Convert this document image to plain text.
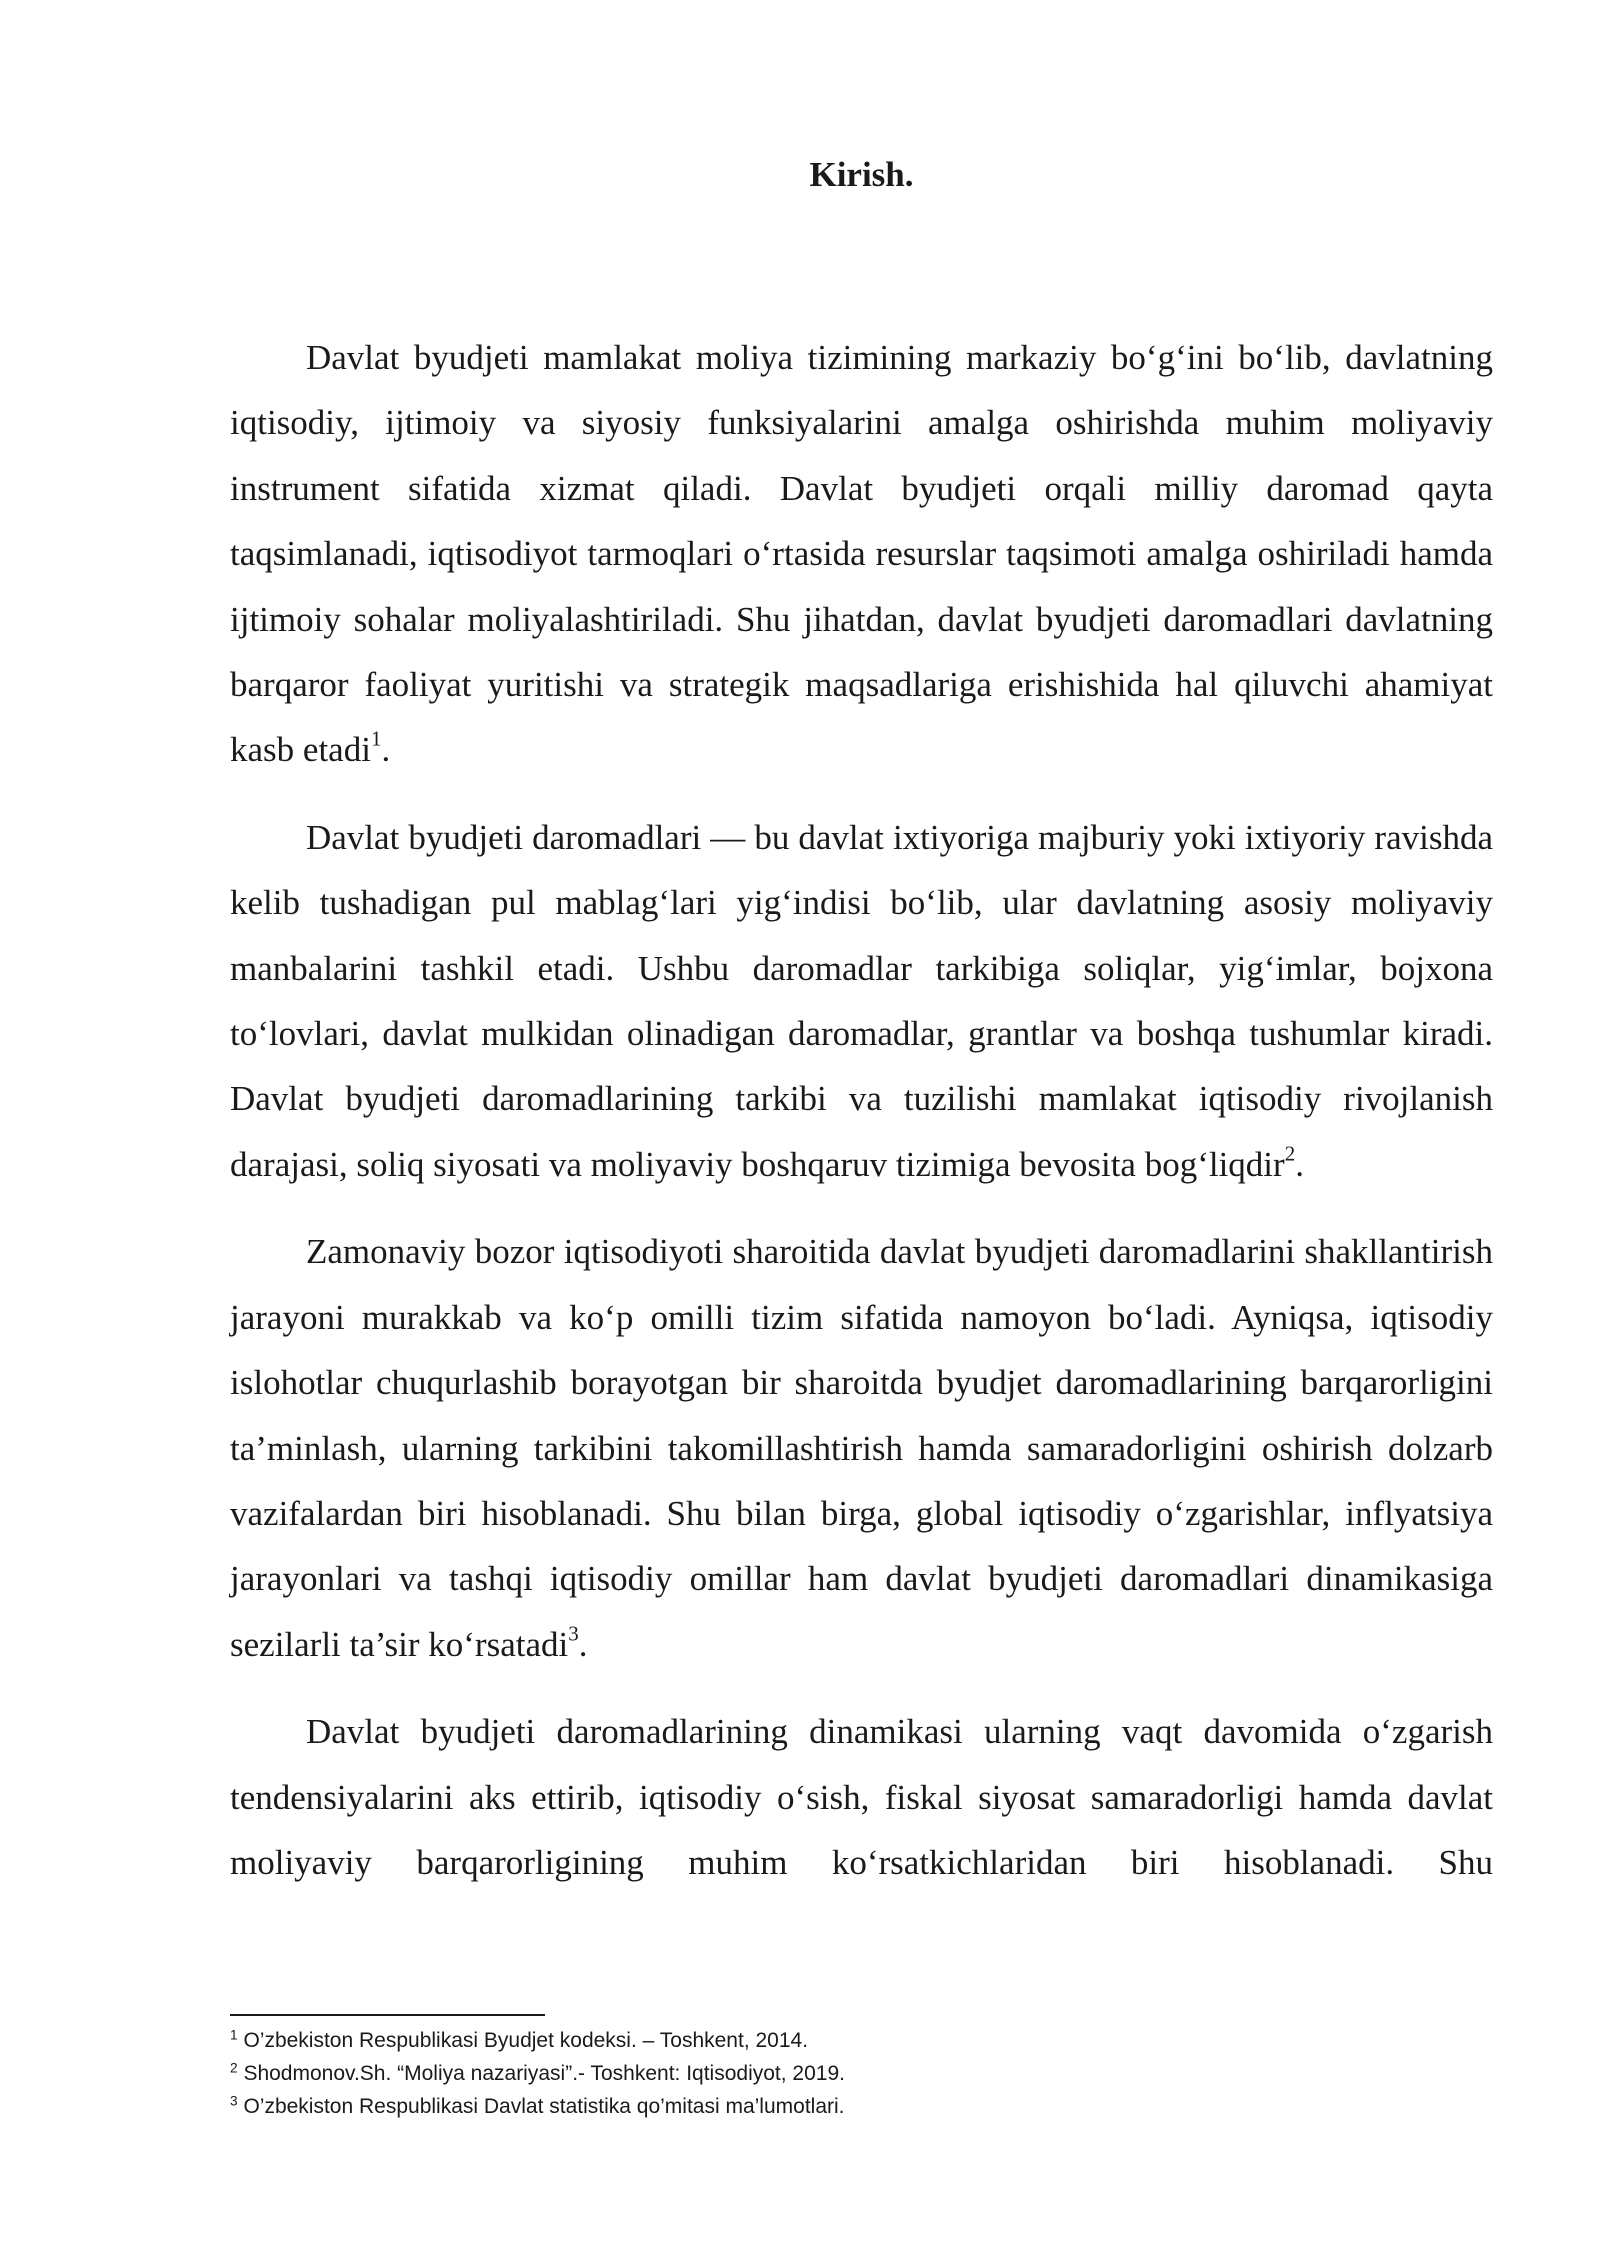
Kirish.

Davlat byudjeti mamlakat moliya tizimining markaziy bo‘g‘ini bo‘lib, davlatning iqtisodiy, ijtimoiy va siyosiy funksiyalarini amalga oshirishda muhim moliyaviy instrument sifatida xizmat qiladi. Davlat byudjeti orqali milliy daromad qayta taqsimlanadi, iqtisodiyot tarmoqlari o‘rtasida resurslar taqsimoti amalga oshiriladi hamda ijtimoiy sohalar moliyalashtiriladi. Shu jihatdan, davlat byudjeti daromadlari davlatning barqaror faoliyat yuritishi va strategik maqsadlariga erishishida hal qiluvchi ahamiyat kasb etadi$^1$.

Davlat byudjeti daromadlari — bu davlat ixtiyoriga majburiy yoki ixtiyoriy ravishda kelib tushadigan pul mablag‘lari yig‘indisi bo‘lib, ular davlatning asosiy moliyaviy manbalarini tashkil etadi. Ushbu daromadlar tarkibiga soliqlar, yig‘imlar, bojxona to‘lovlari, davlat mulkidan olinadigan daromadlar, grantlar va boshqa tushumlar kiradi. Davlat byudjeti daromadlarining tarkibi va tuzilishi mamlakat iqtisodiy rivojlanish darajasi, soliq siyosati va moliyaviy boshqaruv tizimiga bevosita bog‘liqdir$^2$.

Zamonaviy bozor iqtisodiyoti sharoitida davlat byudjeti daromadlarini shakllantirish jarayoni murakkab va ko‘p omilli tizim sifatida namoyon bo‘ladi. Ayniqsa, iqtisodiy islohotlar chuqurlashib borayotgan bir sharoitda byudjet daromadlarining barqarorligini ta’minlash, ularning tarkibini takomillashtirish hamda samaradorligini oshirish dolzarb vazifalardan biri hisoblanadi. Shu bilan birga, global iqtisodiy o‘zgarishlar, inflyatsiya jarayonlari va tashqi iqtisodiy omillar ham davlat byudjeti daromadlari dinamikasiga sezilarli ta’sir ko‘rsatadi$^3$.

Davlat byudjeti daromadlarining dinamikasi ularning vaqt davomida o‘zgarish tendensiyalarini aks ettirib, iqtisodiy o‘sish, fiskal siyosat samaradorligi hamda davlat moliyaviy barqarorligining muhim ko‘rsatkichlaridan biri hisoblanadi. Shu

$^1$ O’zbekiston Respublikasi Byudjet kodeksi. – Toshkent, 2014.
$^2$ Shodmonov.Sh. “Moliya nazariyasi”.- Toshkent: Iqtisodiyot, 2019.
$^3$ O’zbekiston Respublikasi Davlat statistika qo’mitasi ma’lumotlari.
